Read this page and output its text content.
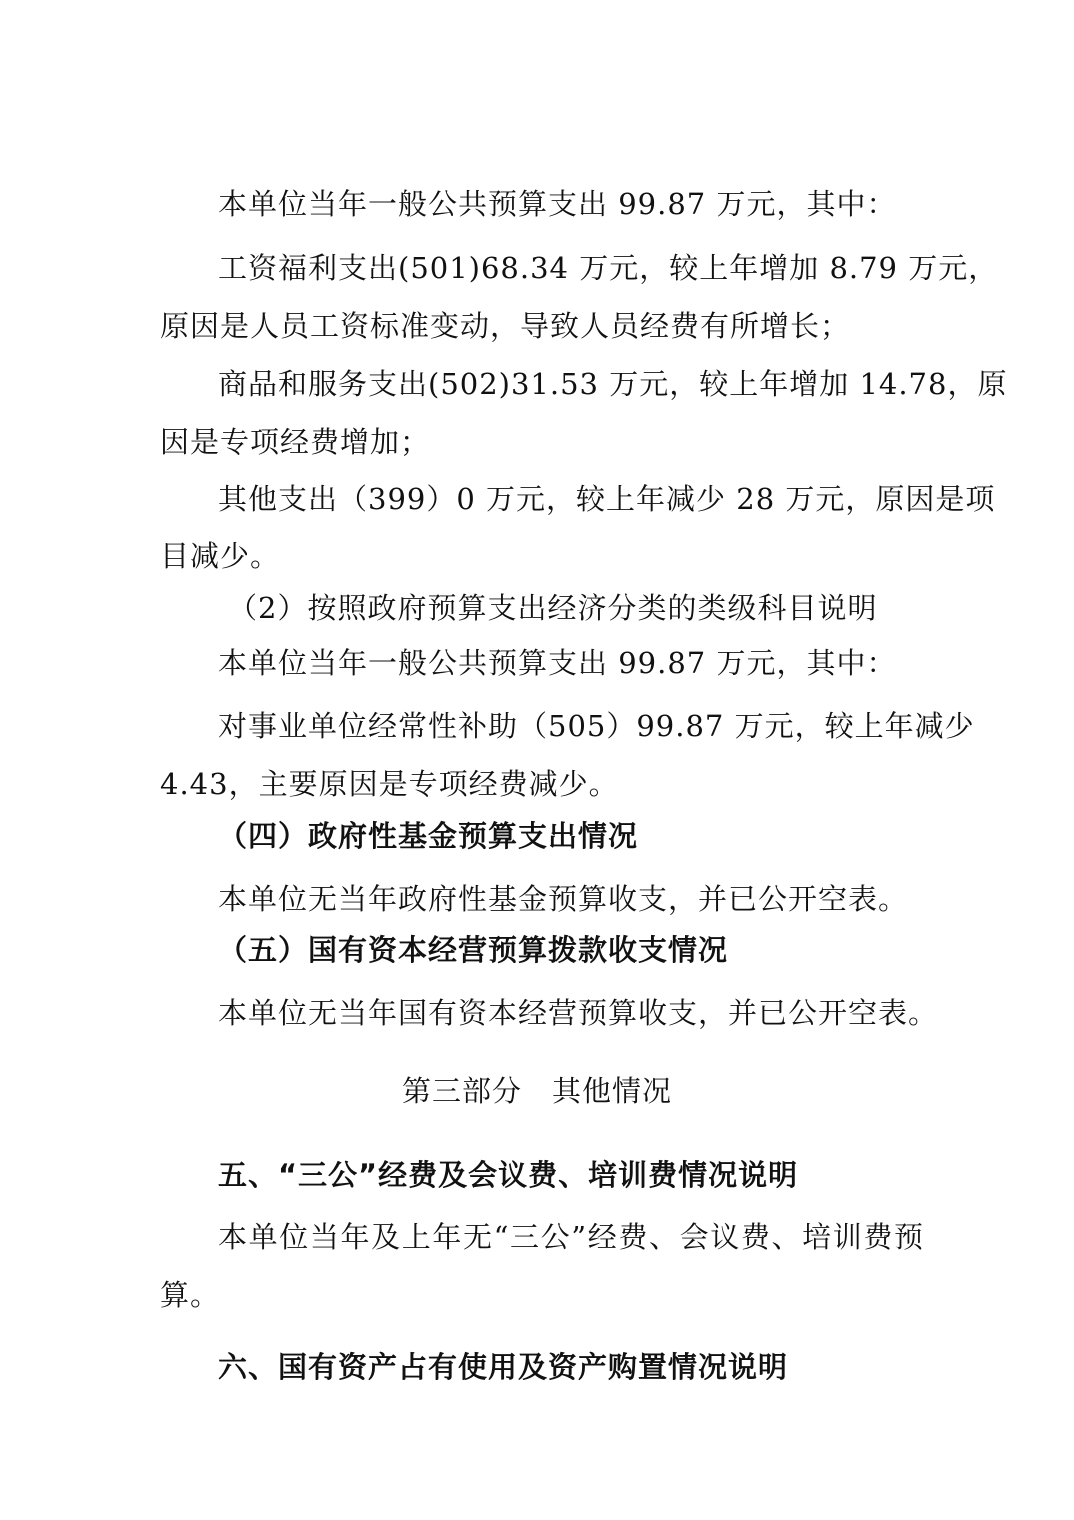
本单位当年一般公共预算支出 99.87 万元，其中：
工资福利支出(501)68.34 万元，较上年增加 8.79 万元，
原因是人员工资标准变动，导致人员经费有所增长；
商品和服务支出(502)31.53 万元，较上年增加 14.78，原
因是专项经费增加；
其他支出（399）0 万元，较上年减少 28 万元，原因是项
目减少。
（2）按照政府预算支出经济分类的类级科目说明
本单位当年一般公共预算支出 99.87 万元，其中：
对事业单位经常性补助（505）99.87 万元，较上年减少
4.43，主要原因是专项经费减少。
（四）政府性基金预算支出情况
本单位无当年政府性基金预算收支，并已公开空表。
（五）国有资本经营预算拨款收支情况
本单位无当年国有资本经营预算收支，并已公开空表。
第三部分　其他情况
五、“三公”经费及会议费、培训费情况说明
本单位当年及上年无“三公”经费、会议费、培训费预
算。
六、国有资产占有使用及资产购置情况说明
